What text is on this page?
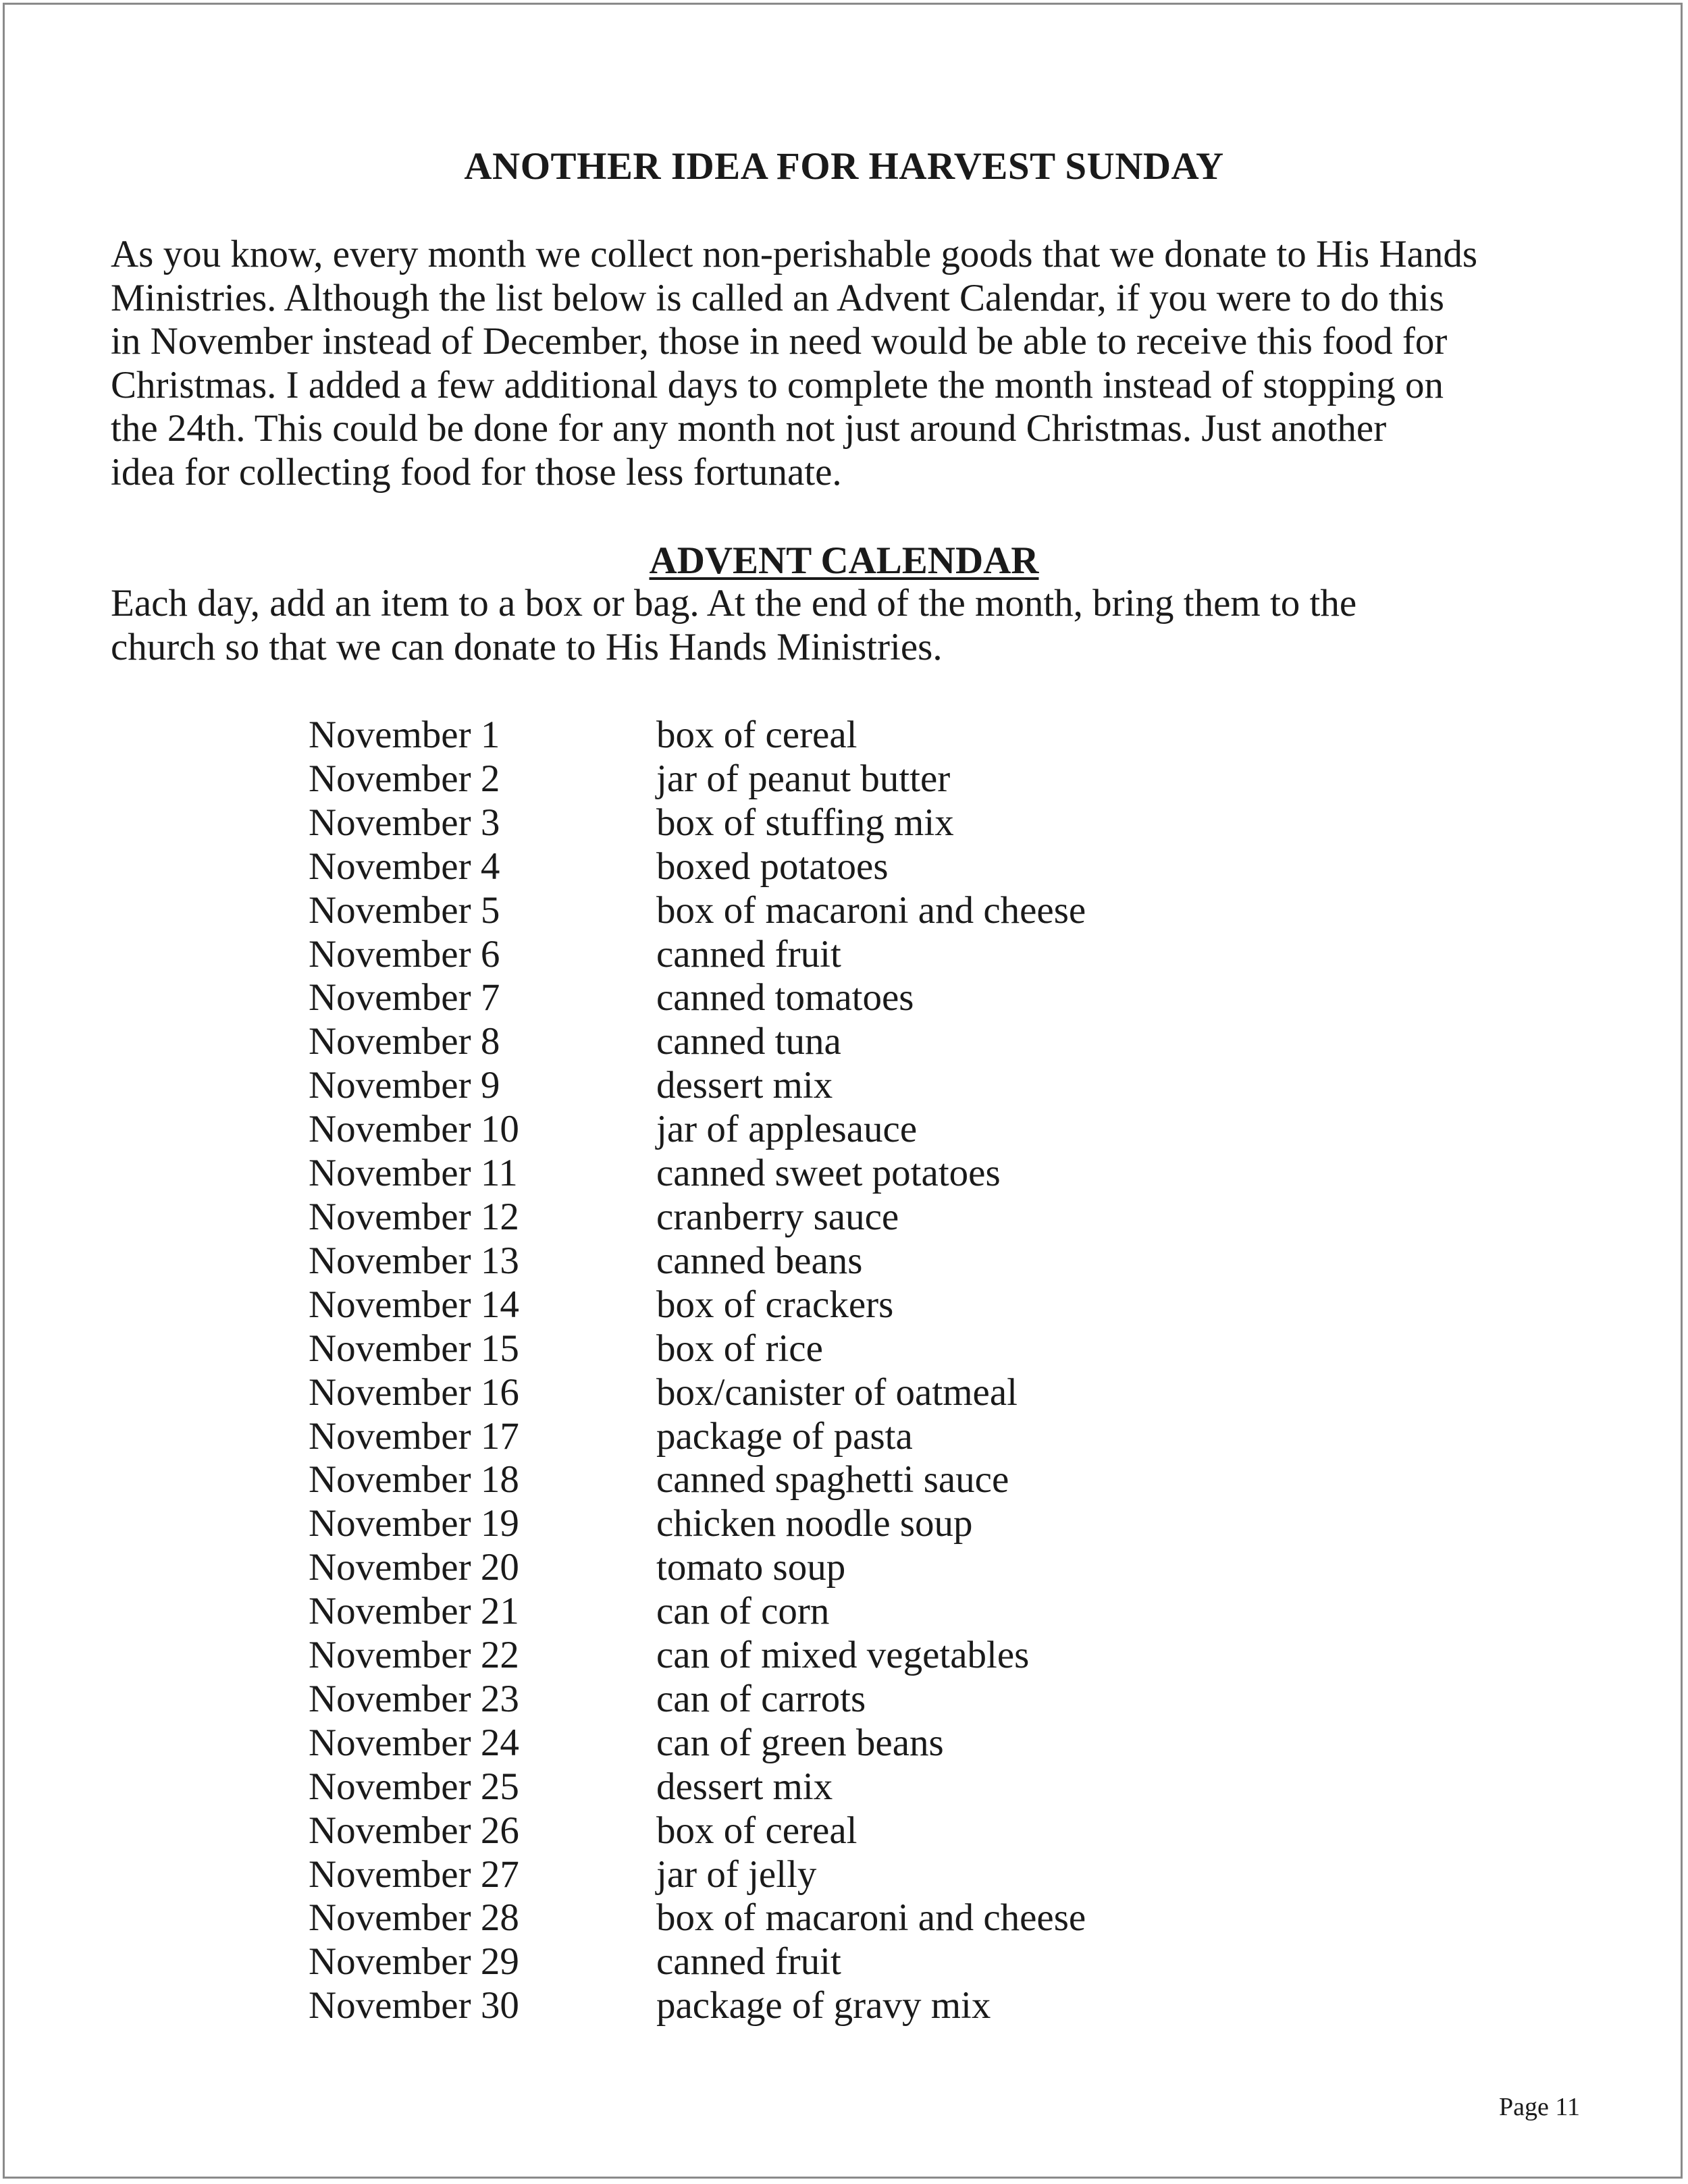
ANOTHER IDEA FOR HARVEST SUNDAY

As you know, every month we collect non-perishable goods that we donate to His Hands
Ministries. Although the list below is called an Advent Calendar, if you were to do this
in November instead of December, those in need would be able to receive this food for
Christmas. I added a few additional days to complete the month instead of stopping on
the 24th. This could be done for any month not just around Christmas. Just another
idea for collecting food for those less fortunate.

ADVENT CALENDAR

Each day, add an item to a box or bag. At the end of the month, bring them to the
church so that we can donate to His Hands Ministries.

November 1	box of cereal
November 2	jar of peanut butter
November 3	box of stuffing mix
November 4	boxed potatoes
November 5	box of macaroni and cheese
November 6	canned fruit
November 7	canned tomatoes
November 8	canned tuna
November 9	dessert mix
November 10	jar of applesauce
November 11	canned sweet potatoes
November 12	cranberry sauce
November 13	canned beans
November 14	box of crackers
November 15	box of rice
November 16	box/canister of oatmeal
November 17	package of pasta
November 18	canned spaghetti sauce
November 19	chicken noodle soup
November 20	tomato soup
November 21	can of corn
November 22	can of mixed vegetables
November 23	can of carrots
November 24	can of green beans
November 25	dessert mix
November 26	box of cereal
November 27	jar of jelly
November 28	box of macaroni and cheese
November 29	canned fruit
November 30	package of gravy mix

Page 11
